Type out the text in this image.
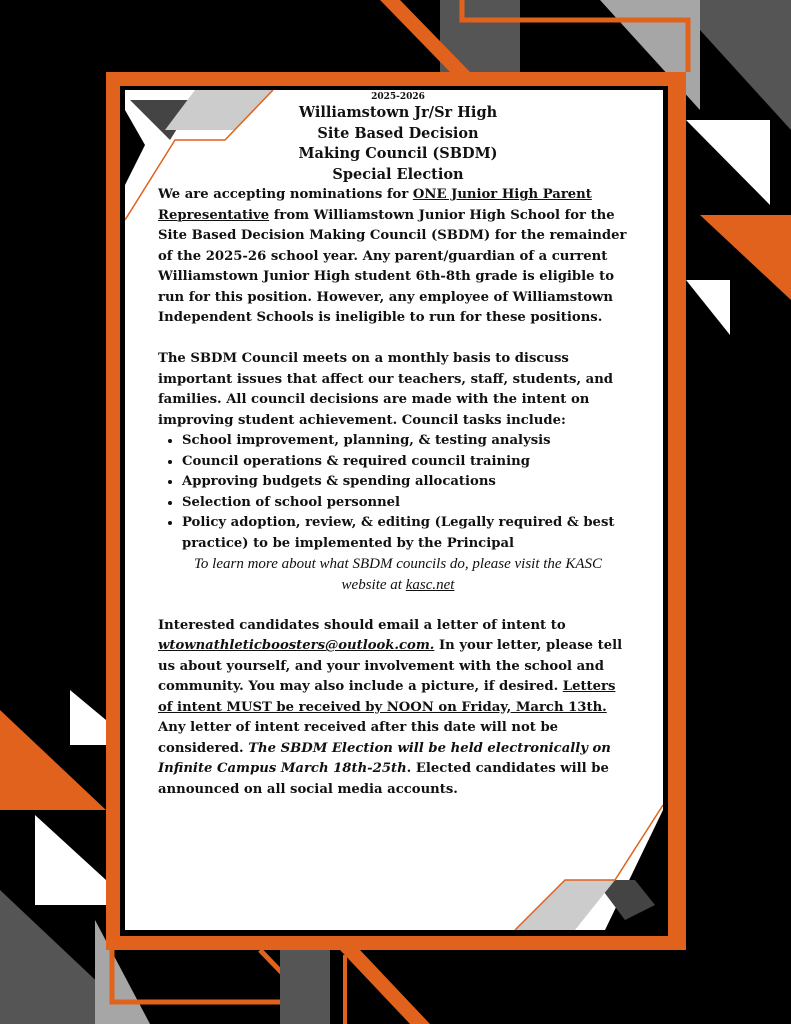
2025-2026
Williamstown Jr/Sr High
Site Based Decision
Making Council (SBDM)
Special Election
We are accepting nominations for ONE Junior High Parent
Representative from Williamstown Junior High School for the
Site Based Decision Making Council (SBDM) for the remainder
of the 2025-26 school year. Any parent/guardian of a current
Williamstown Junior High student 6th-8th grade is eligible to
run for this position. However, any employee of Williamstown
Independent Schools is ineligible to run for these positions.
The SBDM Council meets on a monthly basis to discuss
important issues that affect our teachers, staff, students, and
families. All council decisions are made with the intent on
improving student achievement. Council tasks include:
• School improvement, planning, & testing analysis
• Council operations & required council training
• Approving budgets & spending allocations
• Selection of school personnel
• Policy adoption, review, & editing (Legally required & best
practice) to be implemented by the Principal
To learn more about what SBDM councils do, please visit the KASC
website at kasc.net
Interested candidates should email a letter of intent to
wtownathleticboosters@outlook.com. In your letter, please tell
us about yourself, and your involvement with the school and
community. You may also include a picture, if desired. Letters
of intent MUST be received by NOON on Friday, March 13th.
Any letter of intent received after this date will not be
considered. The SBDM Election will be held electronically on
Infinite Campus March 18th-25th. Elected candidates will be
announced on all social media accounts.
